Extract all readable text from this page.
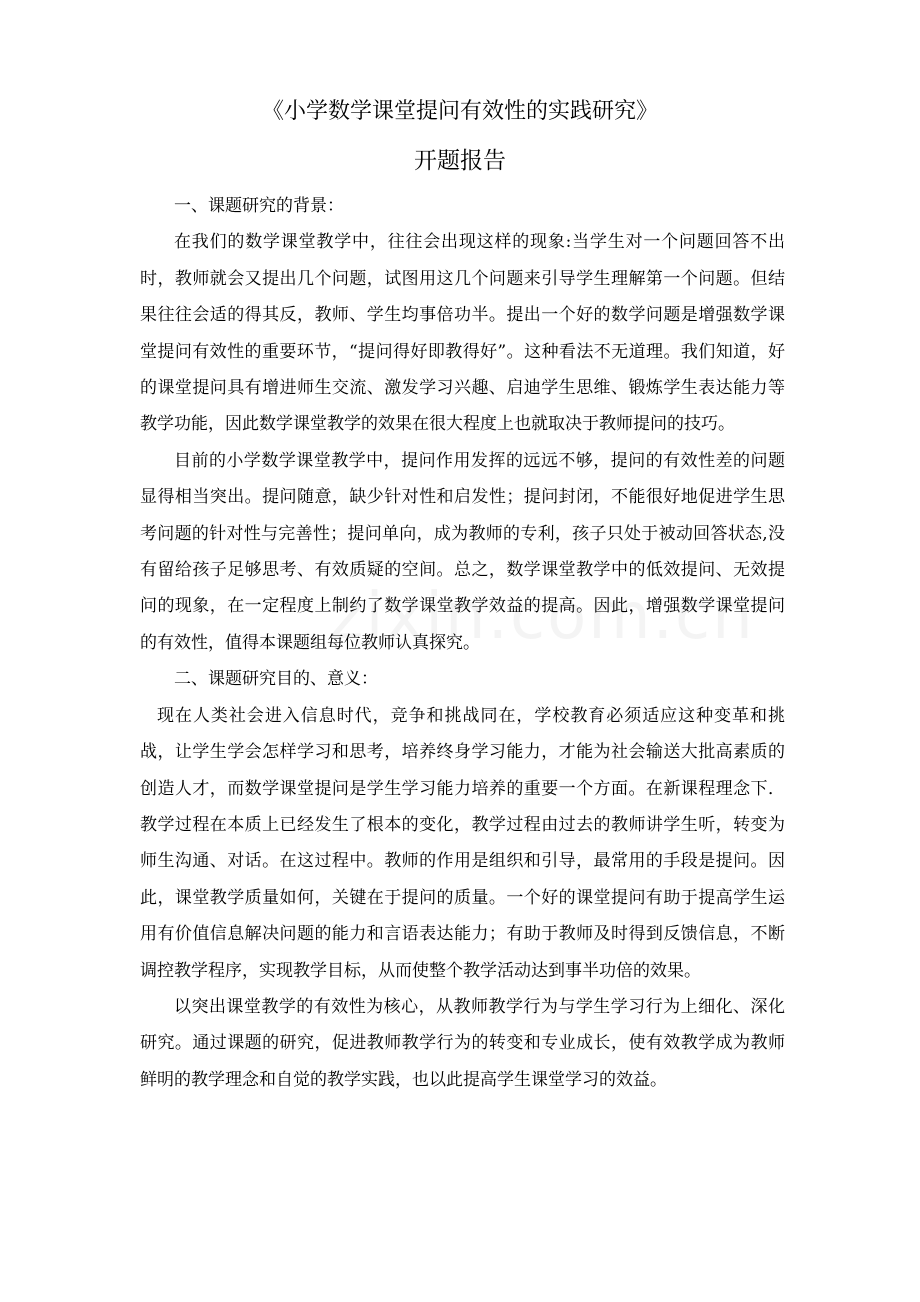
《小学数学课堂提问有效性的实践研究》
开题报告

一、课题研究的背景：

在我们的数学课堂教学中，往往会出现这样的现象:当学生对一个问题回答不出时，教师就会又提出几个问题，试图用这几个问题来引导学生理解第一个问题。但结果往往会适的得其反，教师、学生均事倍功半。提出一个好的数学问题是增强数学课堂提问有效性的重要环节，“提问得好即教得好”。这种看法不无道理。我们知道，好的课堂提问具有增进师生交流、激发学习兴趣、启迪学生思维、锻炼学生表达能力等教学功能，因此数学课堂教学的效果在很大程度上也就取决于教师提问的技巧。

目前的小学数学课堂教学中，提问作用发挥的远远不够，提问的有效性差的问题显得相当突出。提问随意，缺少针对性和启发性；提问封闭，不能很好地促进学生思考问题的针对性与完善性；提问单向，成为教师的专利，孩子只处于被动回答状态,没有留给孩子足够思考、有效质疑的空间。总之，数学课堂教学中的低效提问、无效提问的现象，在一定程度上制约了数学课堂教学效益的提高。因此，增强数学课堂提问的有效性，值得本课题组每位教师认真探究。

二、课题研究目的、意义：

现在人类社会进入信息时代，竞争和挑战同在，学校教育必须适应这种变革和挑战，让学生学会怎样学习和思考，培养终身学习能力，才能为社会输送大批高素质的创造人才，而数学课堂提问是学生学习能力培养的重要一个方面。在新课程理念下．教学过程在本质上已经发生了根本的变化，教学过程由过去的教师讲学生听，转变为师生沟通、对话。在这过程中。教师的作用是组织和引导，最常用的手段是提问。因此，课堂教学质量如何，关键在于提问的质量。一个好的课堂提问有助于提高学生运用有价值信息解决问题的能力和言语表达能力；有助于教师及时得到反馈信息，不断调控教学程序，实现教学目标，从而使整个教学活动达到事半功倍的效果。

以突出课堂教学的有效性为核心，从教师教学行为与学生学习行为上细化、深化研究。通过课题的研究，促进教师教学行为的转变和专业成长，使有效教学成为教师鲜明的教学理念和自觉的教学实践，也以此提高学生课堂学习的效益。
